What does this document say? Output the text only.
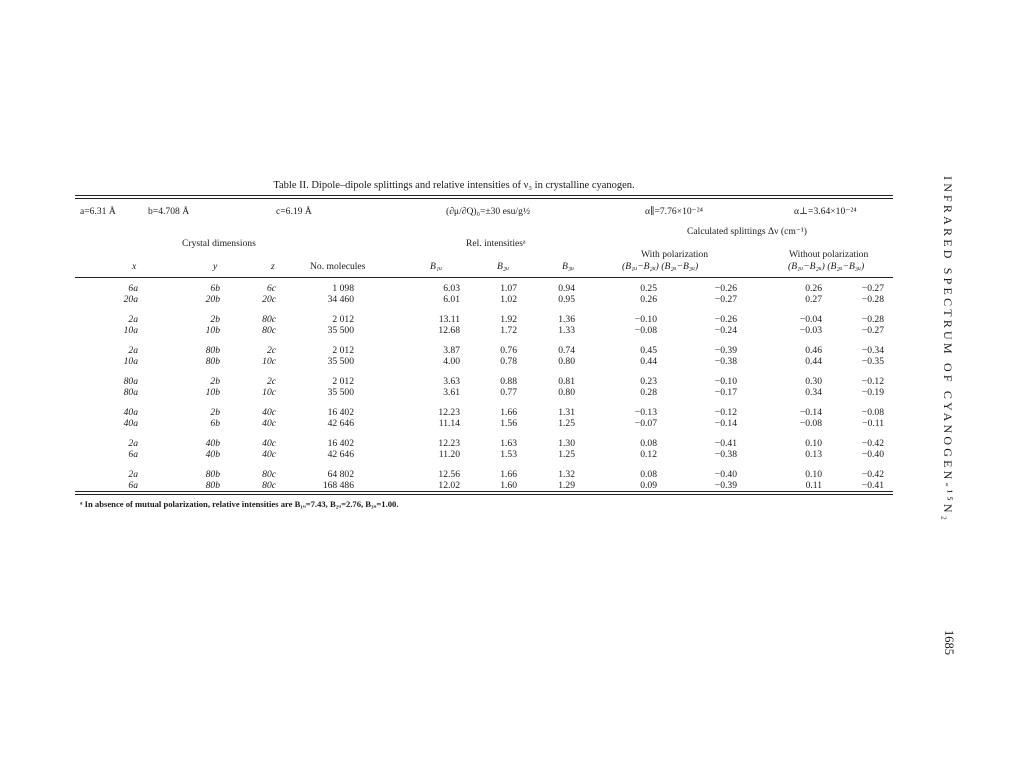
Table II. Dipole–dipole splittings and relative intensities of ν₃ in crystalline cyanogen.
a=6.31 Å	b=4.708 Å	c=6.19 Å	(∂μ/∂Q)₀=±30 esu/g½	α∥=7.76×10⁻²⁴	α⊥=3.64×10⁻²⁴
Crystal dimensions	Rel. intensitiesᵃ
Calculated splittings Δν (cm⁻¹)
With polarization	Without polarization
x	y	z	No. molecules	B₁ᵤ	B₂ᵤ	B₃ᵤ	(B₁ᵤ−B₂ᵤ) (B₂ᵤ−B₃ᵤ)	(B₁ᵤ−B₂ᵤ) (B₂ᵤ−B₃ᵤ)
6a	6b	6c	1 098	6.03	1.07	0.94	0.25	−0.26	0.26	−0.27
20a	20b	20c	34 460	6.01	1.02	0.95	0.26	−0.27	0.27	−0.28
2a	2b	80c	2 012	13.11	1.92	1.36	−0.10	−0.26	−0.04	−0.28
10a	10b	80c	35 500	12.68	1.72	1.33	−0.08	−0.24	−0.03	−0.27
2a	80b	2c	2 012	3.87	0.76	0.74	0.45	−0.39	0.46	−0.34
10a	80b	10c	35 500	4.00	0.78	0.80	0.44	−0.38	0.44	−0.35
80a	2b	2c	2 012	3.63	0.88	0.81	0.23	−0.10	0.30	−0.12
80a	10b	10c	35 500	3.61	0.77	0.80	0.28	−0.17	0.34	−0.19
40a	2b	40c	16 402	12.23	1.66	1.31	−0.13	−0.12	−0.14	−0.08
40a	6b	40c	42 646	11.14	1.56	1.25	−0.07	−0.14	−0.08	−0.11
2a	40b	40c	16 402	12.23	1.63	1.30	0.08	−0.41	0.10	−0.42
6a	40b	40c	42 646	11.20	1.53	1.25	0.12	−0.38	0.13	−0.40
2a	80b	80c	64 802	12.56	1.66	1.32	0.08	−0.40	0.10	−0.42
6a	80b	80c	168 486	12.02	1.60	1.29	0.09	−0.39	0.11	−0.41
ᵃ In absence of mutual polarization, relative intensities are B₁ᵤ=7.43, B₂ᵤ=2.76, B₃ᵤ=1.00.	INFRARED SPECTRUM OF CYANOGEN-¹⁵N₂
1685
